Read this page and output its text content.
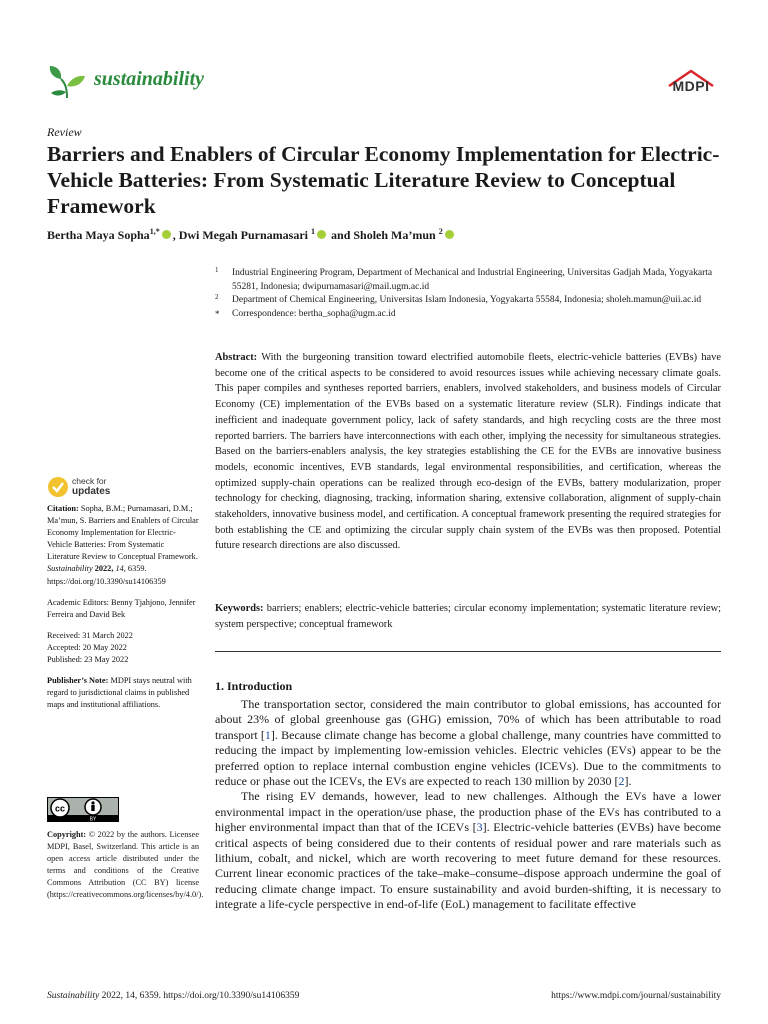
sustainability	MDPI
Review
Barriers and Enablers of Circular Economy Implementation for Electric-Vehicle Batteries: From Systematic Literature Review to Conceptual Framework
Bertha Maya Sopha$^{1,*}$ , Dwi Megah Purnamasari $^1$ and Sholeh Ma’mun $^2$
1 Industrial Engineering Program, Department of Mechanical and Industrial Engineering, Universitas Gadjah Mada, Yogyakarta 55281, Indonesia; dwipurnamasari@mail.ugm.ac.id
2 Department of Chemical Engineering, Universitas Islam Indonesia, Yogyakarta 55584, Indonesia; sholeh.mamun@uii.ac.id
* Correspondence: bertha_sopha@ugm.ac.id
Abstract: With the burgeoning transition toward electrified automobile fleets, electric-vehicle batteries (EVBs) have become one of the critical aspects to be considered to avoid resources issues while achieving necessary climate goals. This paper compiles and syntheses reported barriers, enablers, involved stakeholders, and business models of Circular Economy (CE) implementation of the EVBs based on a systematic literature review (SLR). Findings indicate that inefficient and inadequate government policy, lack of safety standards, and high recycling costs are the three most reported barriers. The barriers have interconnections with each other, implying the necessity for simultaneous strategies. Based on the barriers-enablers analysis, the key strategies establishing the CE for the EVBs are innovative business models, economic incentives, EVB standards, legal environmental responsibilities, and certification, whereas the optimized supply-chain operations can be realized through eco-design of the EVBs, battery modularization, proper technology for checking, diagnosing, tracking, information sharing, extensive collaboration, alignment of supply-chain stakeholders, innovative business model, and certification. A conceptual framework presenting the required strategies for both establishing the CE and optimizing the circular supply chain system of the EVBs was then proposed. Potential future research directions are also discussed.
Keywords: barriers; enablers; electric-vehicle batteries; circular economy implementation; systematic literature review; system perspective; conceptual framework
1. Introduction

The transportation sector, considered the main contributor to global emissions, has accounted for about 23% of global greenhouse gas (GHG) emission, 70% of which has been attributable to road transport [1]. Because climate change has become a global challenge, many countries have committed to reducing the impact by implementing low-emission vehicles. Electric vehicles (EVs) appear to be the preferred option to replace internal combustion engine vehicles (ICEVs). Due to the commitments to reduce or phase out the ICEVs, the EVs are expected to reach 130 million by 2030 [2].

The rising EV demands, however, lead to new challenges. Although the EVs have a lower environmental impact in the operation/use phase, the production phase of the EVs has contributed to a higher environmental impact than that of the ICEVs [3]. Electric-vehicle batteries (EVBs) have become critical aspects of being considered due to their contents of residual power and rare materials such as lithium, cobalt, and nickel, which are worth recovering to meet future demand for these resources. Current linear economic practices of the take–make–consume–dispose approach undermine the goal of reducing climate change impact. To ensure sustainability and avoid burden-shifting, it is necessary to integrate a life-cycle perspective in end-of-life (EoL) management to facilitate effective

check for
updates
Citation: Sopha, B.M.; Purnamasari, D.M.; Ma’mun, S. Barriers and Enablers of Circular Economy Implementation for Electric-Vehicle Batteries: From Systematic Literature Review to Conceptual Framework. Sustainability 2022, 14, 6359. https://doi.org/10.3390/su14106359
Academic Editors: Benny Tjahjono, Jennifer Ferreira and David Bek
Received: 31 March 2022
Accepted: 20 May 2022
Published: 23 May 2022
Publisher’s Note: MDPI stays neutral with regard to jurisdictional claims in published maps and institutional affiliations.
cc
BY
Copyright: © 2022 by the authors. Licensee MDPI, Basel, Switzerland. This article is an open access article distributed under the terms and conditions of the Creative Commons Attribution (CC BY) license (https://creativecommons.org/licenses/by/4.0/).
Sustainability 2022, 14, 6359. https://doi.org/10.3390/su14106359	https://www.mdpi.com/journal/sustainability
